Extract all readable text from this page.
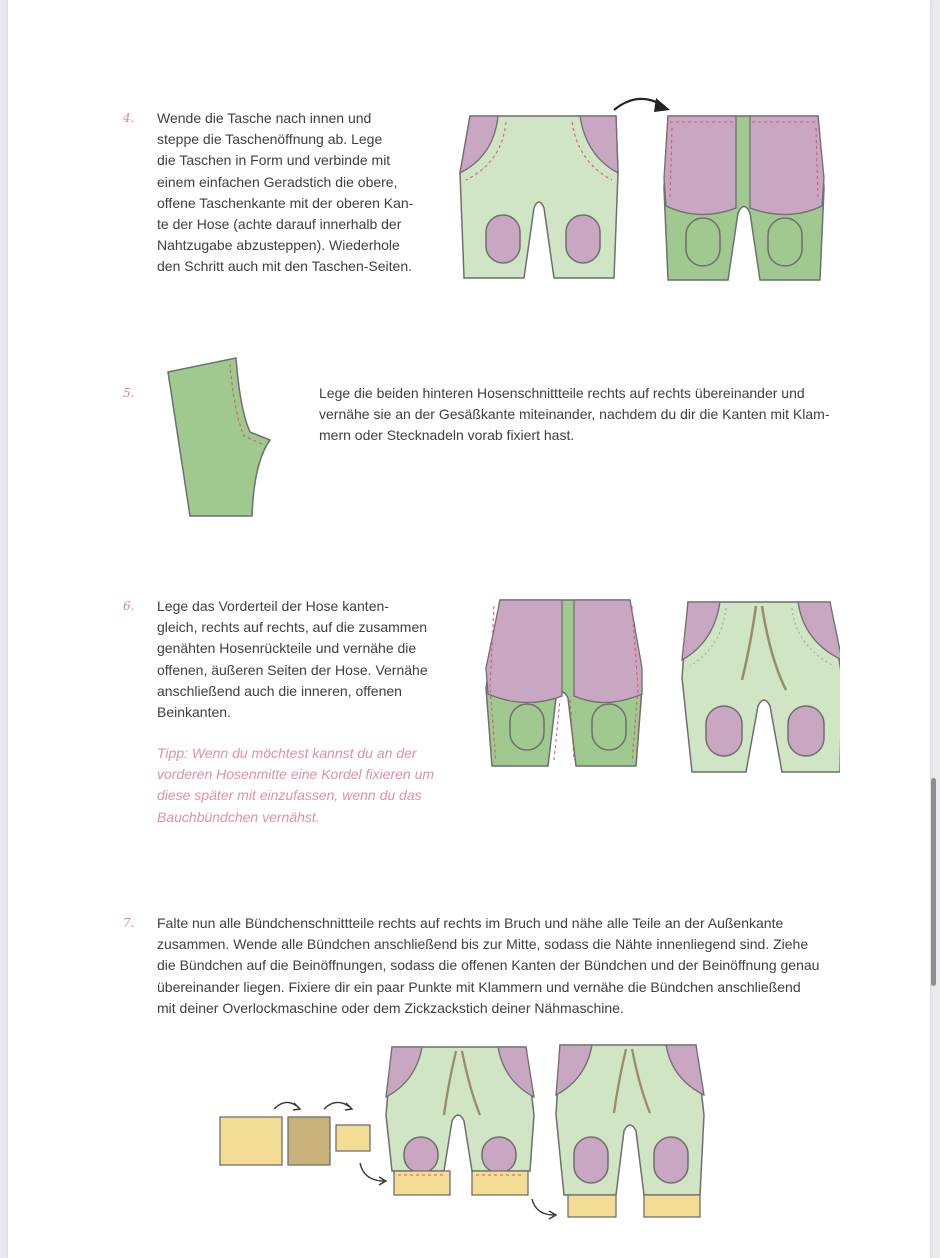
4. Wende die Tasche nach innen und
steppe die Taschenöffnung ab. Lege
die Taschen in Form und verbinde mit
einem einfachen Geradstich die obere,
offene Taschenkante mit der oberen Kan-
te der Hose (achte darauf innerhalb der
Nahtzugabe abzusteppen). Wiederhole
den Schritt auch mit den Taschen-Seiten.
5.	Lege die beiden hinteren Hosenschnittteile rechts auf rechts übereinander und
vernähe sie an der Gesäßkante miteinander, nachdem du dir die Kanten mit Klam-
mern oder Stecknadeln vorab fixiert hast.
6. Lege das Vorderteil der Hose kanten-
gleich, rechts auf rechts, auf die zusammen
genähten Hosenrückteile und vernähe die
offenen, äußeren Seiten der Hose. Vernähe
anschließend auch die inneren, offenen
Beinkanten.
Tipp: Wenn du möchtest kannst du an der
vorderen Hosenmitte eine Kordel fixieren um
diese später mit einzufassen, wenn du das
Bauchbündchen vernähst.
7. Falte nun alle Bündchenschnittteile rechts auf rechts im Bruch und nähe alle Teile an der Außenkante
zusammen. Wende alle Bündchen anschließend bis zur Mitte, sodass die Nähte innenliegend sind. Ziehe
die Bündchen auf die Beinöffnungen, sodass die offenen Kanten der Bündchen und der Beinöffnung genau
übereinander liegen. Fixiere dir ein paar Punkte mit Klammern und vernähe die Bündchen anschließend
mit deiner Overlockmaschine oder dem Zickzackstich deiner Nähmaschine.
